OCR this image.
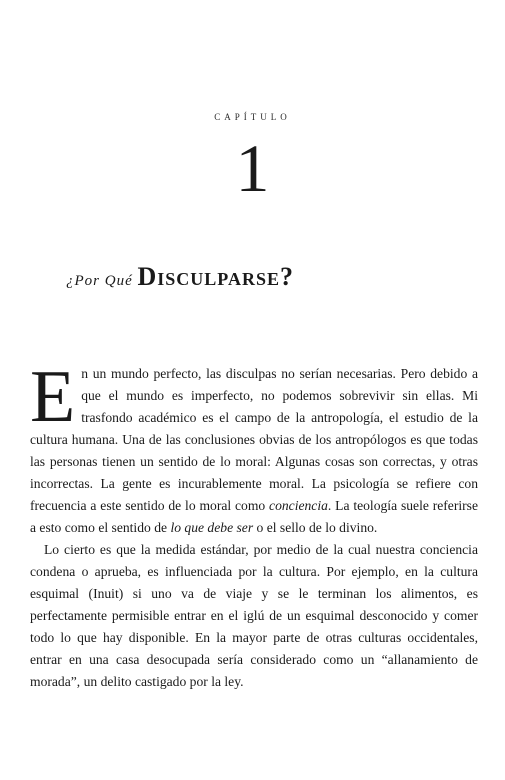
CAPÍTULO
1
¿Por Qué Disculparse?

En un mundo perfecto, las disculpas no serían necesarias. Pero debido a que el mundo es imperfecto, no podemos sobrevivir sin ellas. Mi trasfondo académico es el campo de la antropología, el estudio de la cultura humana. Una de las conclusiones obvias de los antropólogos es que todas las personas tienen un sentido de lo moral: Algunas cosas son correctas, y otras incorrectas. La gente es incurablemente moral. La psicología se refiere con frecuencia a este sentido de lo moral como conciencia. La teología suele referirse a esto como el sentido de lo que debe ser o el sello de lo divino.

Lo cierto es que la medida estándar, por medio de la cual nuestra conciencia condena o aprueba, es influenciada por la cultura. Por ejemplo, en la cultura esquimal (Inuit) si uno va de viaje y se le terminan los alimentos, es perfectamente permisible entrar en el iglú de un esquimal desconocido y comer todo lo que hay disponible. En la mayor parte de otras culturas occidentales, entrar en una casa desocupada sería considerado como un “allanamiento de morada”, un delito castigado por la ley.
